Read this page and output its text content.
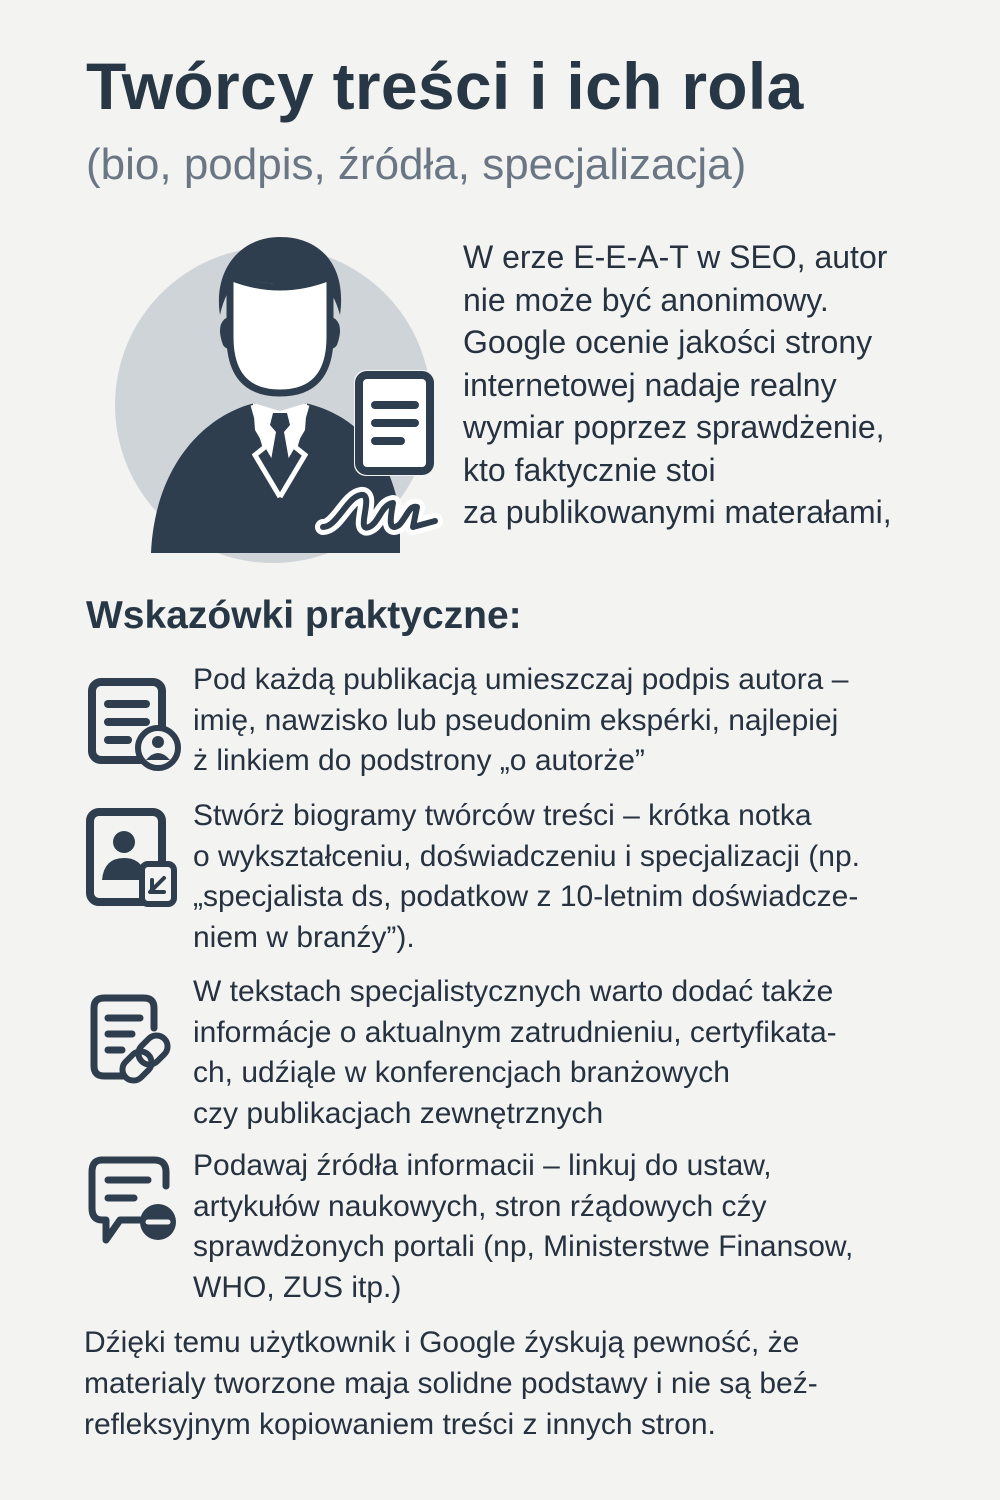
Twórcy treści i ich rola

(bio, podpis, źródła, specjalizacja)

W erze E-E-A-T w SEO, autor
nie może być anonimowy.
Google ocenie jakości strony
internetowej nadaje realny
wymiar poprzez sprawdżenie,
kto faktycznie stoi
za publikowanymi materałami,

Wskazówki praktyczne:

Pod każdą publikacją umieszczaj podpis autora –
imię, nawzisko lub pseudonim ekspérki, najlepiej
ż linkiem do podstrony „o autorże”

Stwórż biogramy twórców treści – krótka notka
o wykształceniu, doświadczeniu i specjalizacji (np.
„specjalista ds, podatkow z 10-letnim doświadcze-
niem w branźy”).

W tekstach specjalistycznych warto dodać także
informácje o aktualnym zatrudnieniu, certyfikata-
ch, udźiąle w konferencjach branżowych
czy publikacjach zewnętrznych

Podawaj źródła informacii – linkuj do ustaw,
artykułów naukowych, stron rźądowych cźy
sprawdżonych portali (np, Ministerstwe Finansow,
WHO, ZUS itp.)

Dźięki temu użytkownik i Google źyskują pewność, że
materialy tworzone maja solidne podstawy i nie są beź-
refleksyjnym kopiowaniem treści z innych stron.
